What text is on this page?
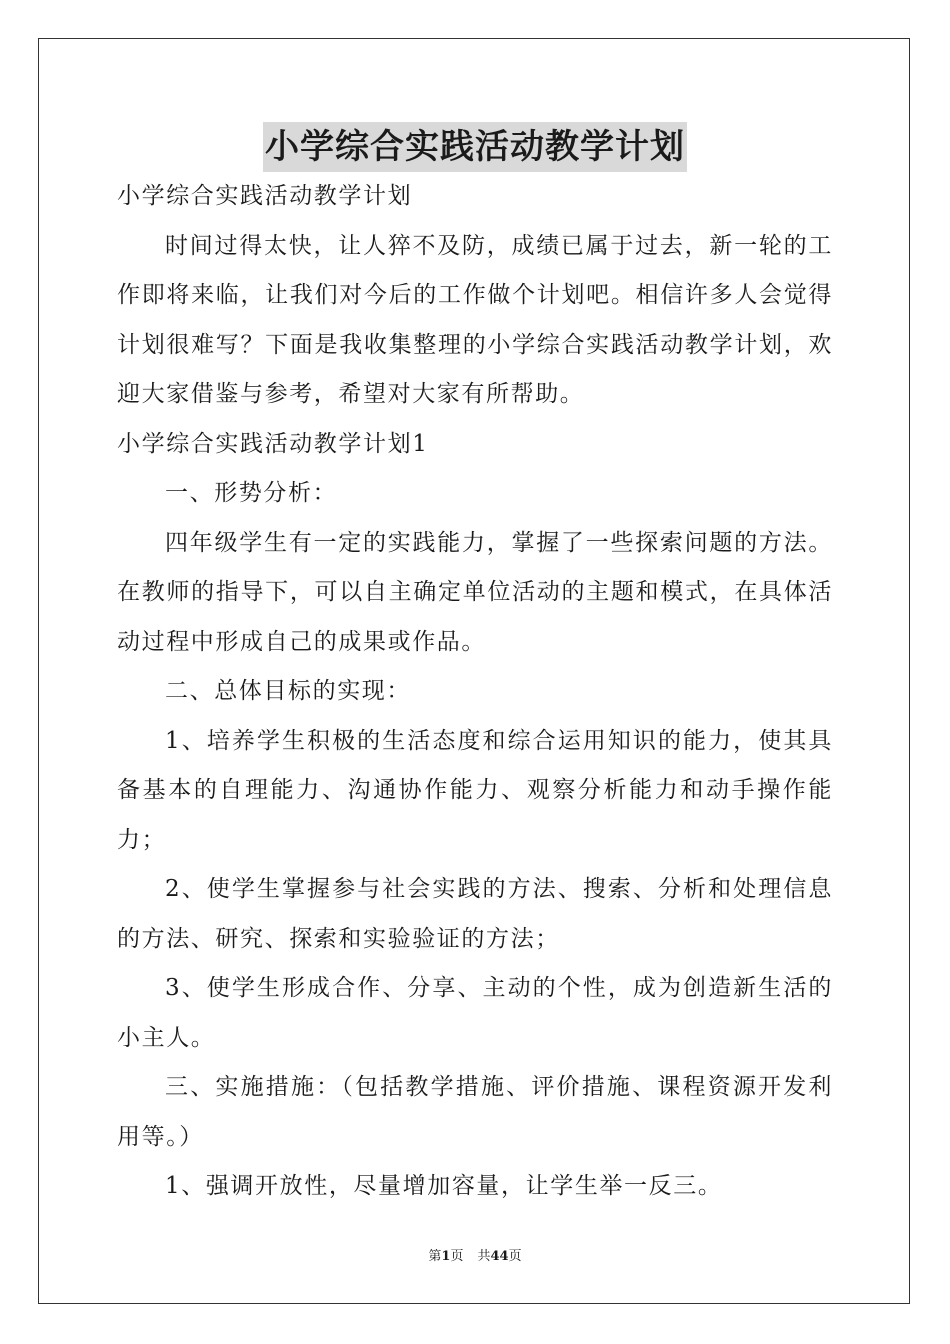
小学综合实践活动教学计划

小学综合实践活动教学计划

时间过得太快，让人猝不及防，成绩已属于过去，新一轮的工作即将来临，让我们对今后的工作做个计划吧。相信许多人会觉得计划很难写？下面是我收集整理的小学综合实践活动教学计划，欢迎大家借鉴与参考，希望对大家有所帮助。

小学综合实践活动教学计划1

一、形势分析：

四年级学生有一定的实践能力，掌握了一些探索问题的方法。在教师的指导下，可以自主确定单位活动的主题和模式，在具体活动过程中形成自己的成果或作品。

二、总体目标的实现：

1、培养学生积极的生活态度和综合运用知识的能力，使其具备基本的自理能力、沟通协作能力、观察分析能力和动手操作能力；

2、使学生掌握参与社会实践的方法、搜索、分析和处理信息的方法、研究、探索和实验验证的方法；

3、使学生形成合作、分享、主动的个性，成为创造新生活的小主人。

三、实施措施：（包括教学措施、评价措施、课程资源开发利用等。）

1、强调开放性，尽量增加容量，让学生举一反三。

第1页 共44页
